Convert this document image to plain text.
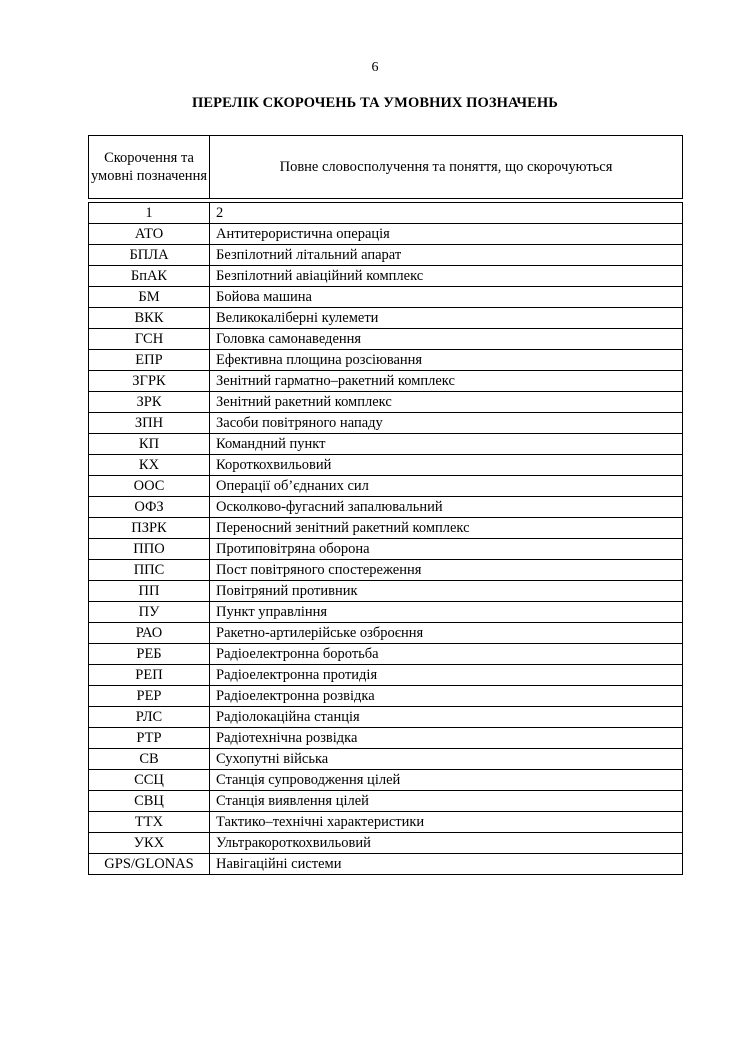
6
ПЕРЕЛІК СКОРОЧЕНЬ ТА УМОВНИХ ПОЗНАЧЕНЬ
Скорочення та умовні позначення	Повне словосполучення та поняття, що скорочуються

1	2
АТО	Антитерористична операція
БПЛА	Безпілотний літальний апарат
БпАК	Безпілотний авіаційний комплекс
БМ	Бойова машина
ВКК	Великокаліберні кулемети
ГСН	Головка самонаведення
ЕПР	Ефективна площина розсіювання
ЗГРК	Зенітний гарматно–ракетний комплекс
ЗРК	Зенітний ракетний комплекс
ЗПН	Засоби повітряного нападу
КП	Командний пункт
КХ	Короткохвильовий
ООС	Операції об’єднаних сил
ОФЗ	Осколково-фугасний запалювальний
ПЗРК	Переносний зенітний ракетний комплекс
ППО	Протиповітряна оборона
ППС	Пост повітряного спостереження
ПП	Повітряний противник
ПУ	Пункт управління
РАО	Ракетно-артилерійське озброєння
РЕБ	Радіоелектронна боротьба
РЕП	Радіоелектронна протидія
РЕР	Радіоелектронна розвідка
РЛС	Радіолокаційна станція
РТР	Радіотехнічна розвідка
СВ	Сухопутні війська
ССЦ	Станція супроводження цілей
СВЦ	Станція виявлення цілей
ТТХ	Тактико–технічні характеристики
УКХ	Ультракороткохвильовий
GPS/GLONAS	Навігаційні системи
